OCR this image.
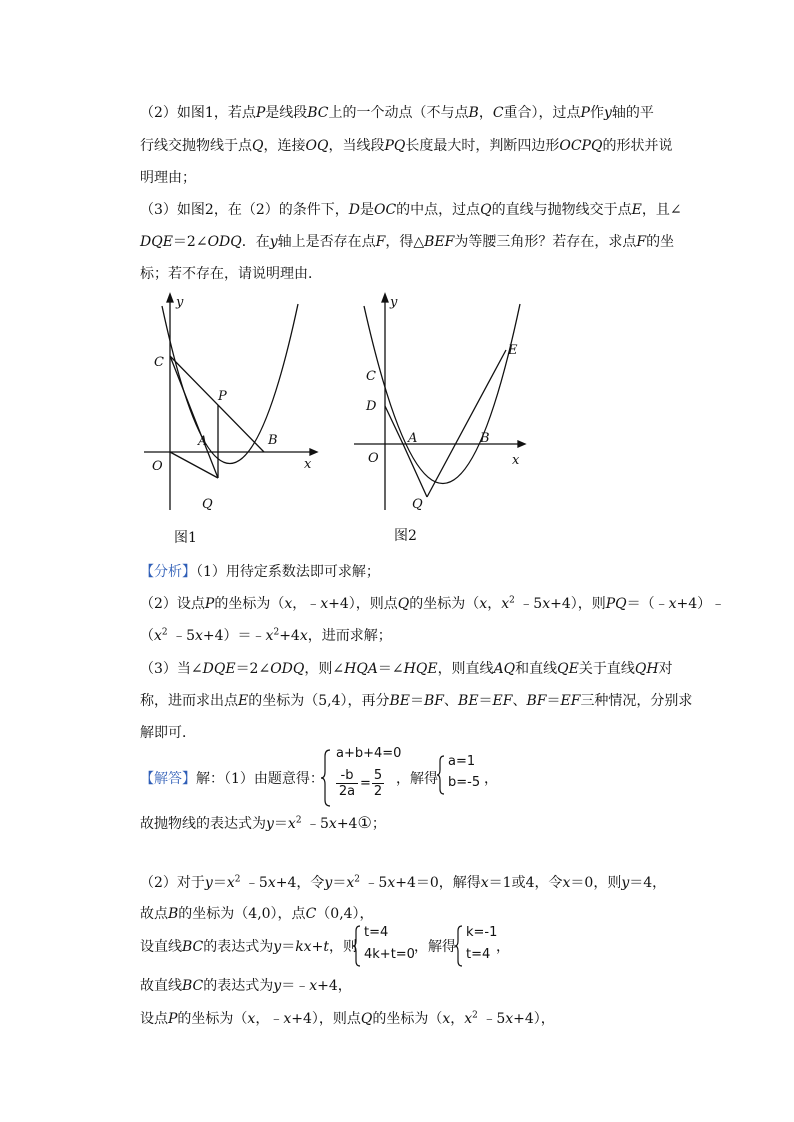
（2）如图1，若点P是线段BC上的一个动点（不与点B，C重合），过点P作y轴的平
行线交抛物线于点Q，连接OQ，当线段PQ长度最大时，判断四边形OCPQ的形状并说
明理由；
（3）如图2，在（2）的条件下，D是OC的中点，过点Q的直线与抛物线交于点E，且∠
DQE＝2∠ODQ．在y轴上是否存在点F，得△BEF为等腰三角形？若存在，求点F的坐
标；若不存在，请说明理由．
y
x
O
C
P
A	B
Q
图1
y
x
O
C
D
A	B
Q
E
图2
【分析】（1）用待定系数法即可求解；
（2）设点P的坐标为（x，﹣x+4），则点Q的坐标为（x，$x^2$ ﹣5x+4），则PQ＝（﹣x+4）﹣
（$x^2$ $﹣5x+4)=﹣x^2+4x$，进而求解；
（3）当∠DQE＝2∠ODQ，则∠HQA＝∠HQE，则直线AQ和直线QE关于直线QH对
称，进而求出点E的坐标为（5,4），再分BE＝BF、BE＝EF、BF＝EF三种情况，分别求
解即可．
【解答】解：（1）由题意得：
a+b+4=0
$\frac{-b}{2a} = \frac{5}{2}$ ，解得
a=1
b=-5 ，
故抛物线的表达式为$y=x^2$ ﹣5x+4①；
（2）对于$y=x^2$ ﹣5x+4，令$y=x^2$ ﹣5x+4＝0，解得x＝1或4，令x＝0，则y＝4，
故点B的坐标为（4,0），点C（0,4），
设直线BC的表达式为y＝kx+t，则
t=4
4k+t=0 ，解得
k=-1
t=4 ，
故直线BC的表达式为y＝﹣x+4，
设点P的坐标为（x，﹣x+4），则点Q的坐标为（x，$x^2$ ﹣5x+4），
